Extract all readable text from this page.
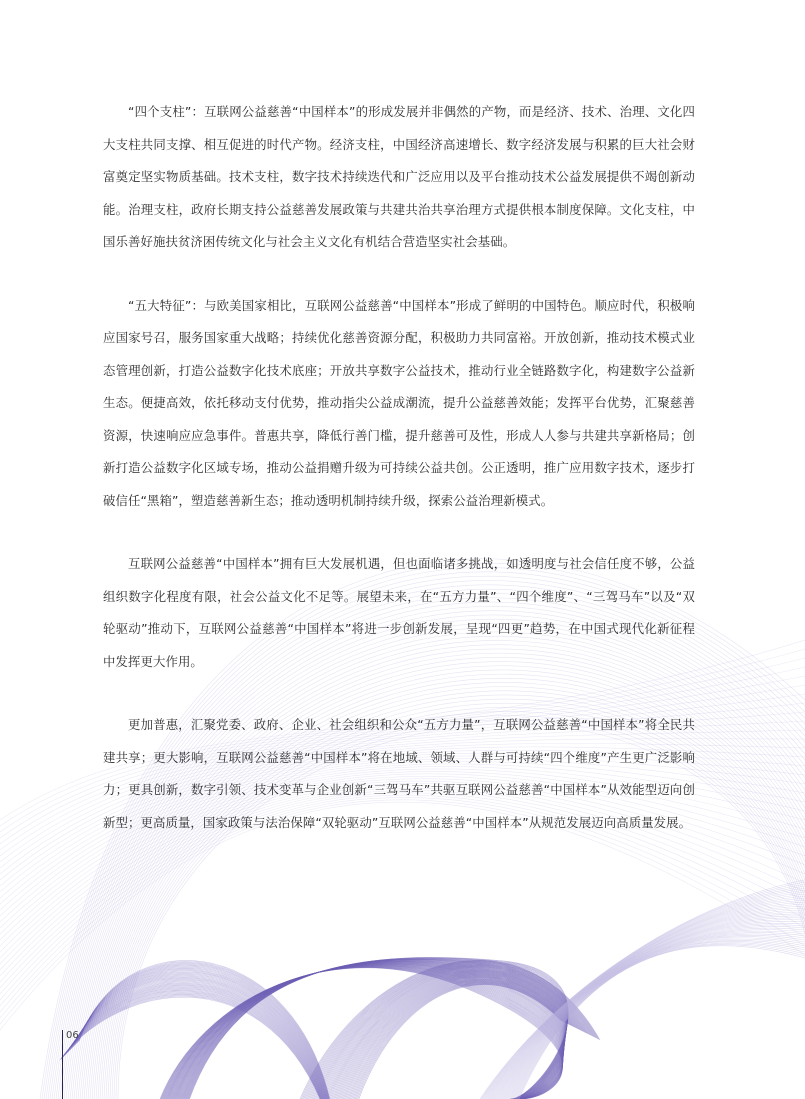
06

“四个支柱”：互联网公益慈善“中国样本”的形成发展并非偶然的产物，而是经济、技术、治理、文化四大支柱共同支撑、相互促进的时代产物。经济支柱，中国经济高速增长、数字经济发展与积累的巨大社会财富奠定坚实物质基础。技术支柱，数字技术持续迭代和广泛应用以及平台推动技术公益发展提供不竭创新动能。治理支柱，政府长期支持公益慈善发展政策与共建共治共享治理方式提供根本制度保障。文化支柱，中国乐善好施扶贫济困传统文化与社会主义文化有机结合营造坚实社会基础。

“五大特征”：与欧美国家相比，互联网公益慈善“中国样本”形成了鲜明的中国特色。顺应时代，积极响应国家号召，服务国家重大战略；持续优化慈善资源分配，积极助力共同富裕。开放创新，推动技术模式业态管理创新，打造公益数字化技术底座；开放共享数字公益技术，推动行业全链路数字化，构建数字公益新生态。便捷高效，依托移动支付优势，推动指尖公益成潮流，提升公益慈善效能；发挥平台优势，汇聚慈善资源，快速响应应急事件。普惠共享，降低行善门槛，提升慈善可及性，形成人人参与共建共享新格局；创新打造公益数字化区域专场，推动公益捐赠升级为可持续公益共创。公正透明，推广应用数字技术，逐步打破信任“黑箱”，塑造慈善新生态；推动透明机制持续升级，探索公益治理新模式。

互联网公益慈善“中国样本”拥有巨大发展机遇，但也面临诸多挑战，如透明度与社会信任度不够，公益组织数字化程度有限，社会公益文化不足等。展望未来，在“五方力量”、“四个维度”、“三驾马车”以及“双轮驱动”推动下，互联网公益慈善“中国样本”将进一步创新发展，呈现“四更”趋势，在中国式现代化新征程中发挥更大作用。

更加普惠，汇聚党委、政府、企业、社会组织和公众“五方力量”，互联网公益慈善“中国样本”将全民共建共享；更大影响，互联网公益慈善“中国样本”将在地域、领域、人群与可持续“四个维度”产生更广泛影响力；更具创新，数字引领、技术变革与企业创新“三驾马车”共驱互联网公益慈善“中国样本”从效能型迈向创新型；更高质量，国家政策与法治保障“双轮驱动”互联网公益慈善“中国样本”从规范发展迈向高质量发展。
